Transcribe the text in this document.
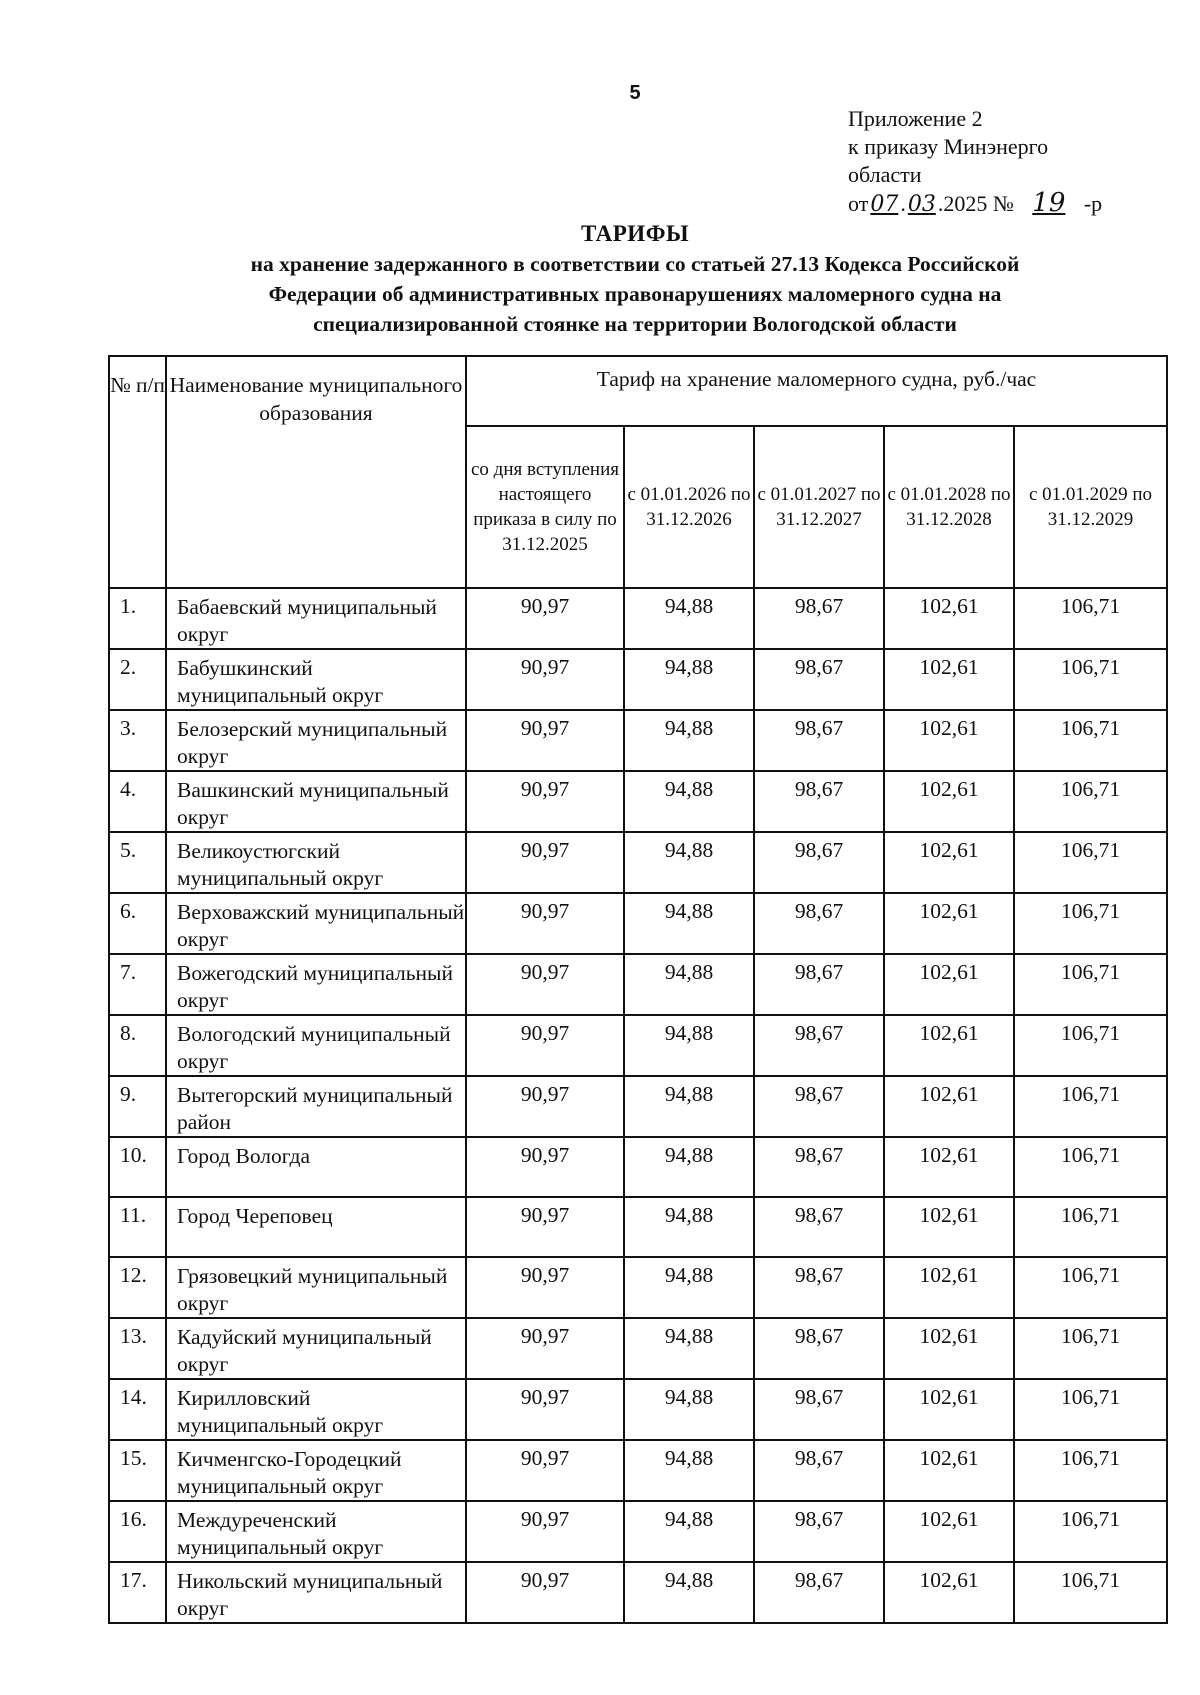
5
Приложение 2
к приказу Минэнерго
области
от07.03.2025 № 19 -р
ТАРИФЫ
на хранение задержанного в соответствии со статьей 27.13 Кодекса Российской
Федерации об административных правонарушениях маломерного судна на
специализированной стоянке на территории Вологодской области
№ п/п	Наименование муниципального образования	Тариф на хранение маломерного судна, руб./час				
		со дня вступления настоящего приказа в силу по 31.12.2025	с 01.01.2026 по 31.12.2026	с 01.01.2027 по 31.12.2027	с 01.01.2028 по 31.12.2028	с 01.01.2029 по 31.12.2029
1.	Бабаевский муниципальный округ	90,97	94,88	98,67	102,61	106,71
2.	Бабушкинский муниципальный округ	90,97	94,88	98,67	102,61	106,71
3.	Белозерский муниципальный округ	90,97	94,88	98,67	102,61	106,71
4.	Вашкинский муниципальный округ	90,97	94,88	98,67	102,61	106,71
5.	Великоустюгский муниципальный округ	90,97	94,88	98,67	102,61	106,71
6.	Верховажский муниципальный округ	90,97	94,88	98,67	102,61	106,71
7.	Вожегодский муниципальный округ	90,97	94,88	98,67	102,61	106,71
8.	Вологодский муниципальный округ	90,97	94,88	98,67	102,61	106,71
9.	Вытегорский муниципальный район	90,97	94,88	98,67	102,61	106,71
10.	Город Вологда	90,97	94,88	98,67	102,61	106,71
11.	Город Череповец	90,97	94,88	98,67	102,61	106,71
12.	Грязовецкий муниципальный округ	90,97	94,88	98,67	102,61	106,71
13.	Кадуйский муниципальный округ	90,97	94,88	98,67	102,61	106,71
14.	Кирилловский муниципальный округ	90,97	94,88	98,67	102,61	106,71
15.	Кичменгско-Городецкий муниципальный округ	90,97	94,88	98,67	102,61	106,71
16.	Междуреченский муниципальный округ	90,97	94,88	98,67	102,61	106,71
17.	Никольский муниципальный округ	90,97	94,88	98,67	102,61	106,71
